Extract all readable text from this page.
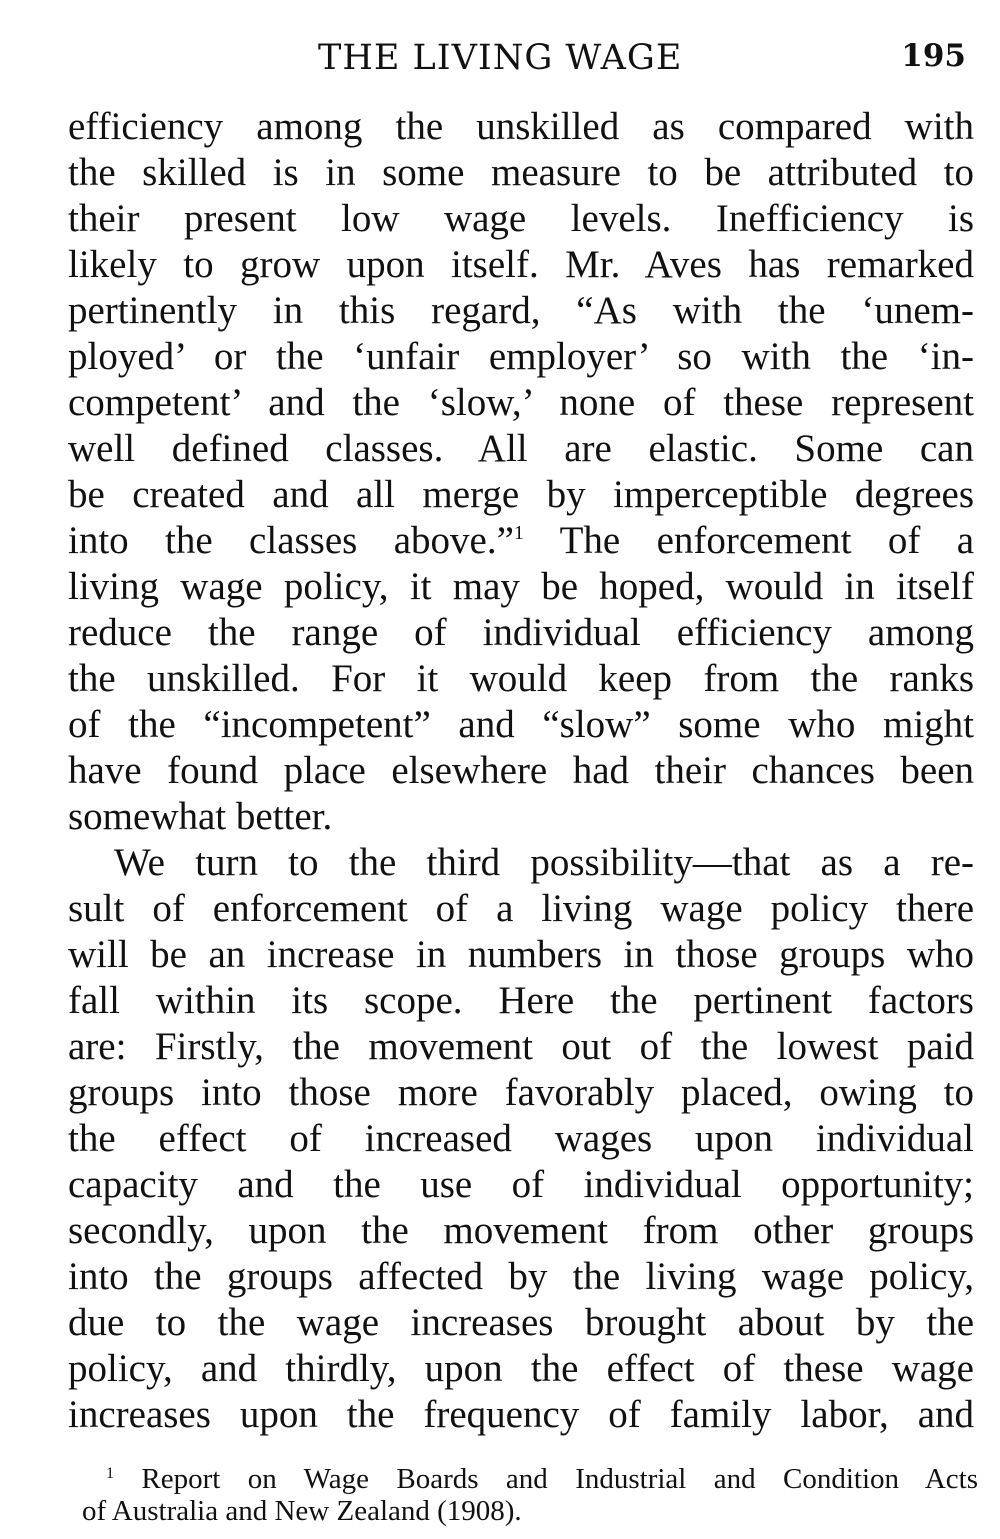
THE LIVING WAGE	195
efficiency among the unskilled as compared with
the skilled is in some measure to be attributed to
their present low wage levels. Inefficiency is
likely to grow upon itself. Mr. Aves has remarked
pertinently in this regard, “As with the ‘unem-
ployed’ or the ‘unfair employer’ so with the ‘in-
competent’ and the ‘slow,’ none of these represent
well defined classes. All are elastic. Some can
be created and all merge by imperceptible degrees
into the classes above.”$^1$ The enforcement of a
living wage policy, it may be hoped, would in itself
reduce the range of individual efficiency among
the unskilled. For it would keep from the ranks
of the “incompetent” and “slow” some who might
have found place elsewhere had their chances been
somewhat better.
We turn to the third possibility—that as a re-
sult of enforcement of a living wage policy there
will be an increase in numbers in those groups who
fall within its scope. Here the pertinent factors
are: Firstly, the movement out of the lowest paid
groups into those more favorably placed, owing to
the effect of increased wages upon individual
capacity and the use of individual opportunity;
secondly, upon the movement from other groups
into the groups affected by the living wage policy,
due to the wage increases brought about by the
policy, and thirdly, upon the effect of these wage
increases upon the frequency of family labor, and
$^1$ Report on Wage Boards and Industrial and Condition Acts
of Australia and New Zealand (1908).
